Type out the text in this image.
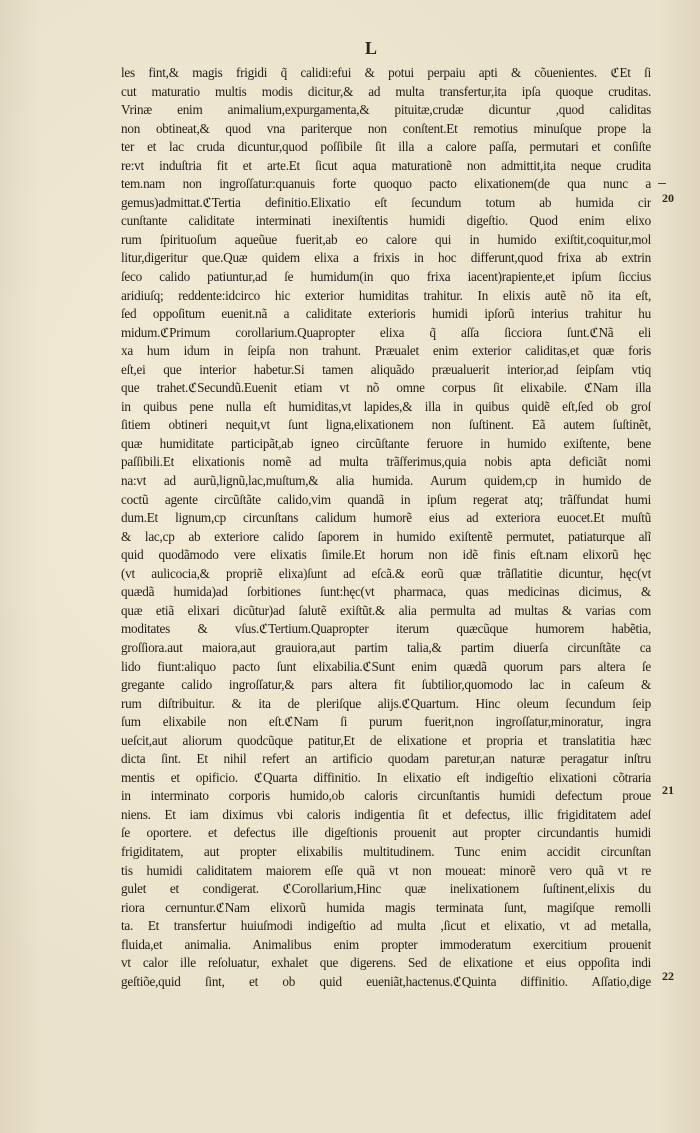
L
les fint,& magis frigidi q̃ calidi:efui & potui perpaiu apti & cõuenientes. ℭEt ſi
cut maturatio multis modis dicitur,& ad multa transfertur,ita ipſa quoque cruditas.
Vrinæ enim animalium,expurgamenta,& pituitæ,crudæ dicuntur ,quod caliditas
non obtineat,& quod vna pariterque non conſtent.Et remotius minuſque prope la
ter et lac cruda dicuntur,quod poſſibile ſit illa a calore paſſa, permutari et conſiſte
re:vt induſtria fit et arte.Et ſicut aqua maturationẽ non admittit,ita neque crudita
tem.nam non ingroſſatur:quanuis forte quoquo pacto elixationem(de qua nunc a
gemus)admittat.ℭTertia definitio.Elixatio eſt ſecundum totum ab humida cir
cunſtante caliditate interminati inexiſtentis humidi digeſtio. Quod enim elixo
rum ſpirituoſum aqueũue fuerit,ab eo calore qui in humido exiſtit,coquitur,mol
litur,digeritur que.Quæ quidem elixa a frixis in hoc differunt,quod frixa ab extrin
ſeco calido patiuntur,ad ſe humidum(in quo frixa iacent)rapiente,et ipſum ſiccius
aridiuſq; reddente:idcirco hic exterior humiditas trahitur. In elixis autẽ nõ ita eſt,
ſed oppoſitum euenit.nã a caliditate exterioris humidi ipſorũ interius trahitur hu
midum.ℭPrimum corollarium.Quapropter elixa q̃ aſſa ſicciora ſunt.ℭNã eli
xa hum idum in ſeipſa non trahunt. Præualet enim exterior caliditas,et quæ foris
eſt,ei que interior habetur.Si tamen aliquãdo præualuerit interior,ad ſeipſam vtiq
que trahet.ℭSecundũ.Euenit etiam vt nõ omne corpus ſit elixabile. ℭNam illa
in quibus pene nulla eſt humiditas,vt lapides,& illa in quibus quidẽ eſt,ſed ob groſ
ſitiem obtineri nequit,vt ſunt ligna,elixationem non ſuſtinent. Eã autem ſuſtinẽt,
quæ humiditate participãt,ab igneo circũſtante feruore in humido exiſtente, bene
paſſibili.Et elixationis nomẽ ad multa trãſferimus,quia nobis apta deficiãt nomi
na:vt ad aurũ,lignũ,lac,muſtum,& alia humida. Aurum quidem,cp in humido de
coctũ agente circũſtãte calido,vim quandã in ipſum regerat atq; trãſfundat humi
dum.Et lignum,cp circunſtans calidum humorẽ eius ad exteriora euocet.Et muſtũ
& lac,cp ab exteriore calido ſaporem in humido exiſtentẽ permutet, patiaturque alĩ
quid quodãmodo vere elixatis ſimile.Et horum non idẽ finis eſt.nam elixorũ hęc
(vt aulicocia,& propriẽ elixa)ſunt ad eſcã.& eorũ quæ trãſlatitie dicuntur, hęc(vt
quædã humida)ad ſorbitiones ſunt:hęc(vt pharmaca, quas medicinas dicimus, &
quæ etiã elixari dicũtur)ad ſalutẽ exiſtũt.& alia permulta ad multas & varias com
moditates & vſus.ℭTertium.Quapropter iterum quæcũque humorem habẽtia,
groſſiora.aut maiora,aut grauiora,aut partim talia,& partim diuerſa circunſtãte ca
lido fiunt:aliquo pacto ſunt elixabilia.ℭSunt enim quædã quorum pars altera ſe
gregante calido ingroſſatur,& pars altera fit ſubtilior,quomodo lac in caſeum &
rum diſtribuitur. & ita de pleriſque alijs.ℭQuartum. Hinc oleum ſecundum ſeip
ſum elixabile non eſt.ℭNam ſi purum fuerit,non ingroſſatur,minoratur, ingra
ueſcit,aut aliorum quodcũque patitur,Et de elixatione et propria et translatitia hæc
dicta ſint. Et nihil refert an artificio quodam paretur,an naturæ peragatur inſtru
mentis et opificio. ℭQuarta diffinitio. In elixatio eſt indigeſtio elixationi cõtraria
in interminato corporis humido,ob caloris circunſtantis humidi defectum proue
niens. Et iam diximus vbi caloris indigentia ſit et defectus, illic frigiditatem adeſ
ſe oportere. et defectus ille digeſtionis prouenit aut propter circundantis humidi
frigiditatem, aut propter elixabilis multitudinem. Tunc enim accidit circunſtan
tis humidi caliditatem maiorem eſſe quã vt non moueat: minorẽ vero quã vt re
gulet et condigerat. ℭCorollarium,Hinc quæ inelixationem ſuſtinent,elixis du
riora cernuntur.ℭNam elixorũ humida magis terminata ſunt, magiſque remolli
ta. Et transfertur huiuſmodi indigeſtio ad multa ,ſicut et elixatio, vt ad metalla,
fluida,et animalia. Animalibus enim propter immoderatum exercitium prouenit
vt calor ille reſoluatur, exhalet que digerens. Sed de elixatione et eius oppoſita indi
geſtiõe,quid ſint, et ob quid eueniãt,hactenus.ℭQuinta diffinitio. Aſſatio,dige
20
21
22
